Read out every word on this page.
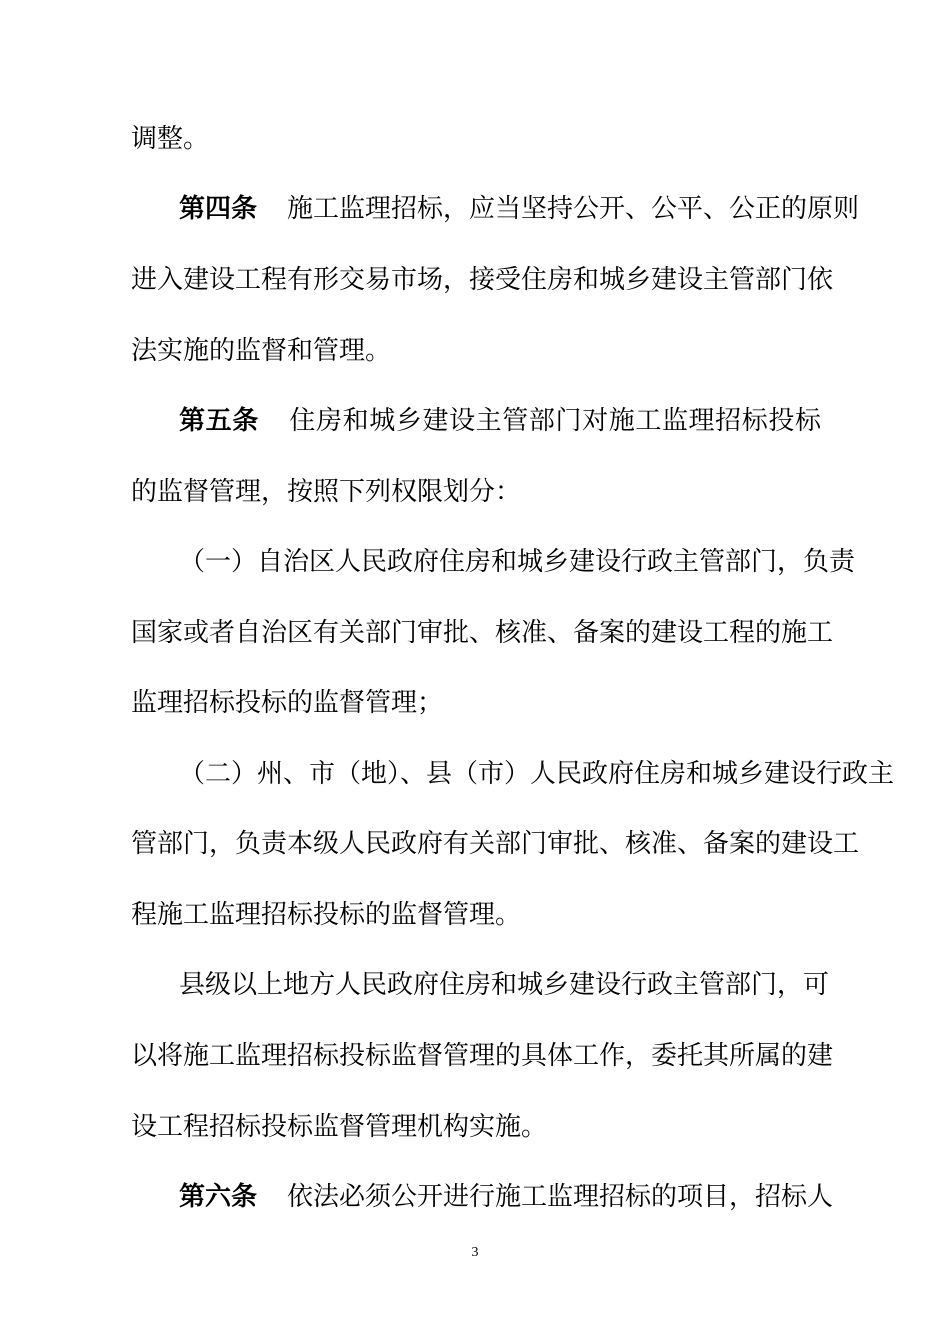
调整。
第四条 施工监理招标，应当坚持公开、公平、公正的原则
进入建设工程有形交易市场，接受住房和城乡建设主管部门依
法实施的监督和管理。
第五条 住房和城乡建设主管部门对施工监理招标投标
的监督管理，按照下列权限划分：
（一）自治区人民政府住房和城乡建设行政主管部门，负责
国家或者自治区有关部门审批、核准、备案的建设工程的施工
监理招标投标的监督管理；
（二）州、市（地）、县（市）人民政府住房和城乡建设行政主
管部门，负责本级人民政府有关部门审批、核准、备案的建设工
程施工监理招标投标的监督管理。
县级以上地方人民政府住房和城乡建设行政主管部门，可
以将施工监理招标投标监督管理的具体工作，委托其所属的建
设工程招标投标监督管理机构实施。
第六条 依法必须公开进行施工监理招标的项目，招标人
3
